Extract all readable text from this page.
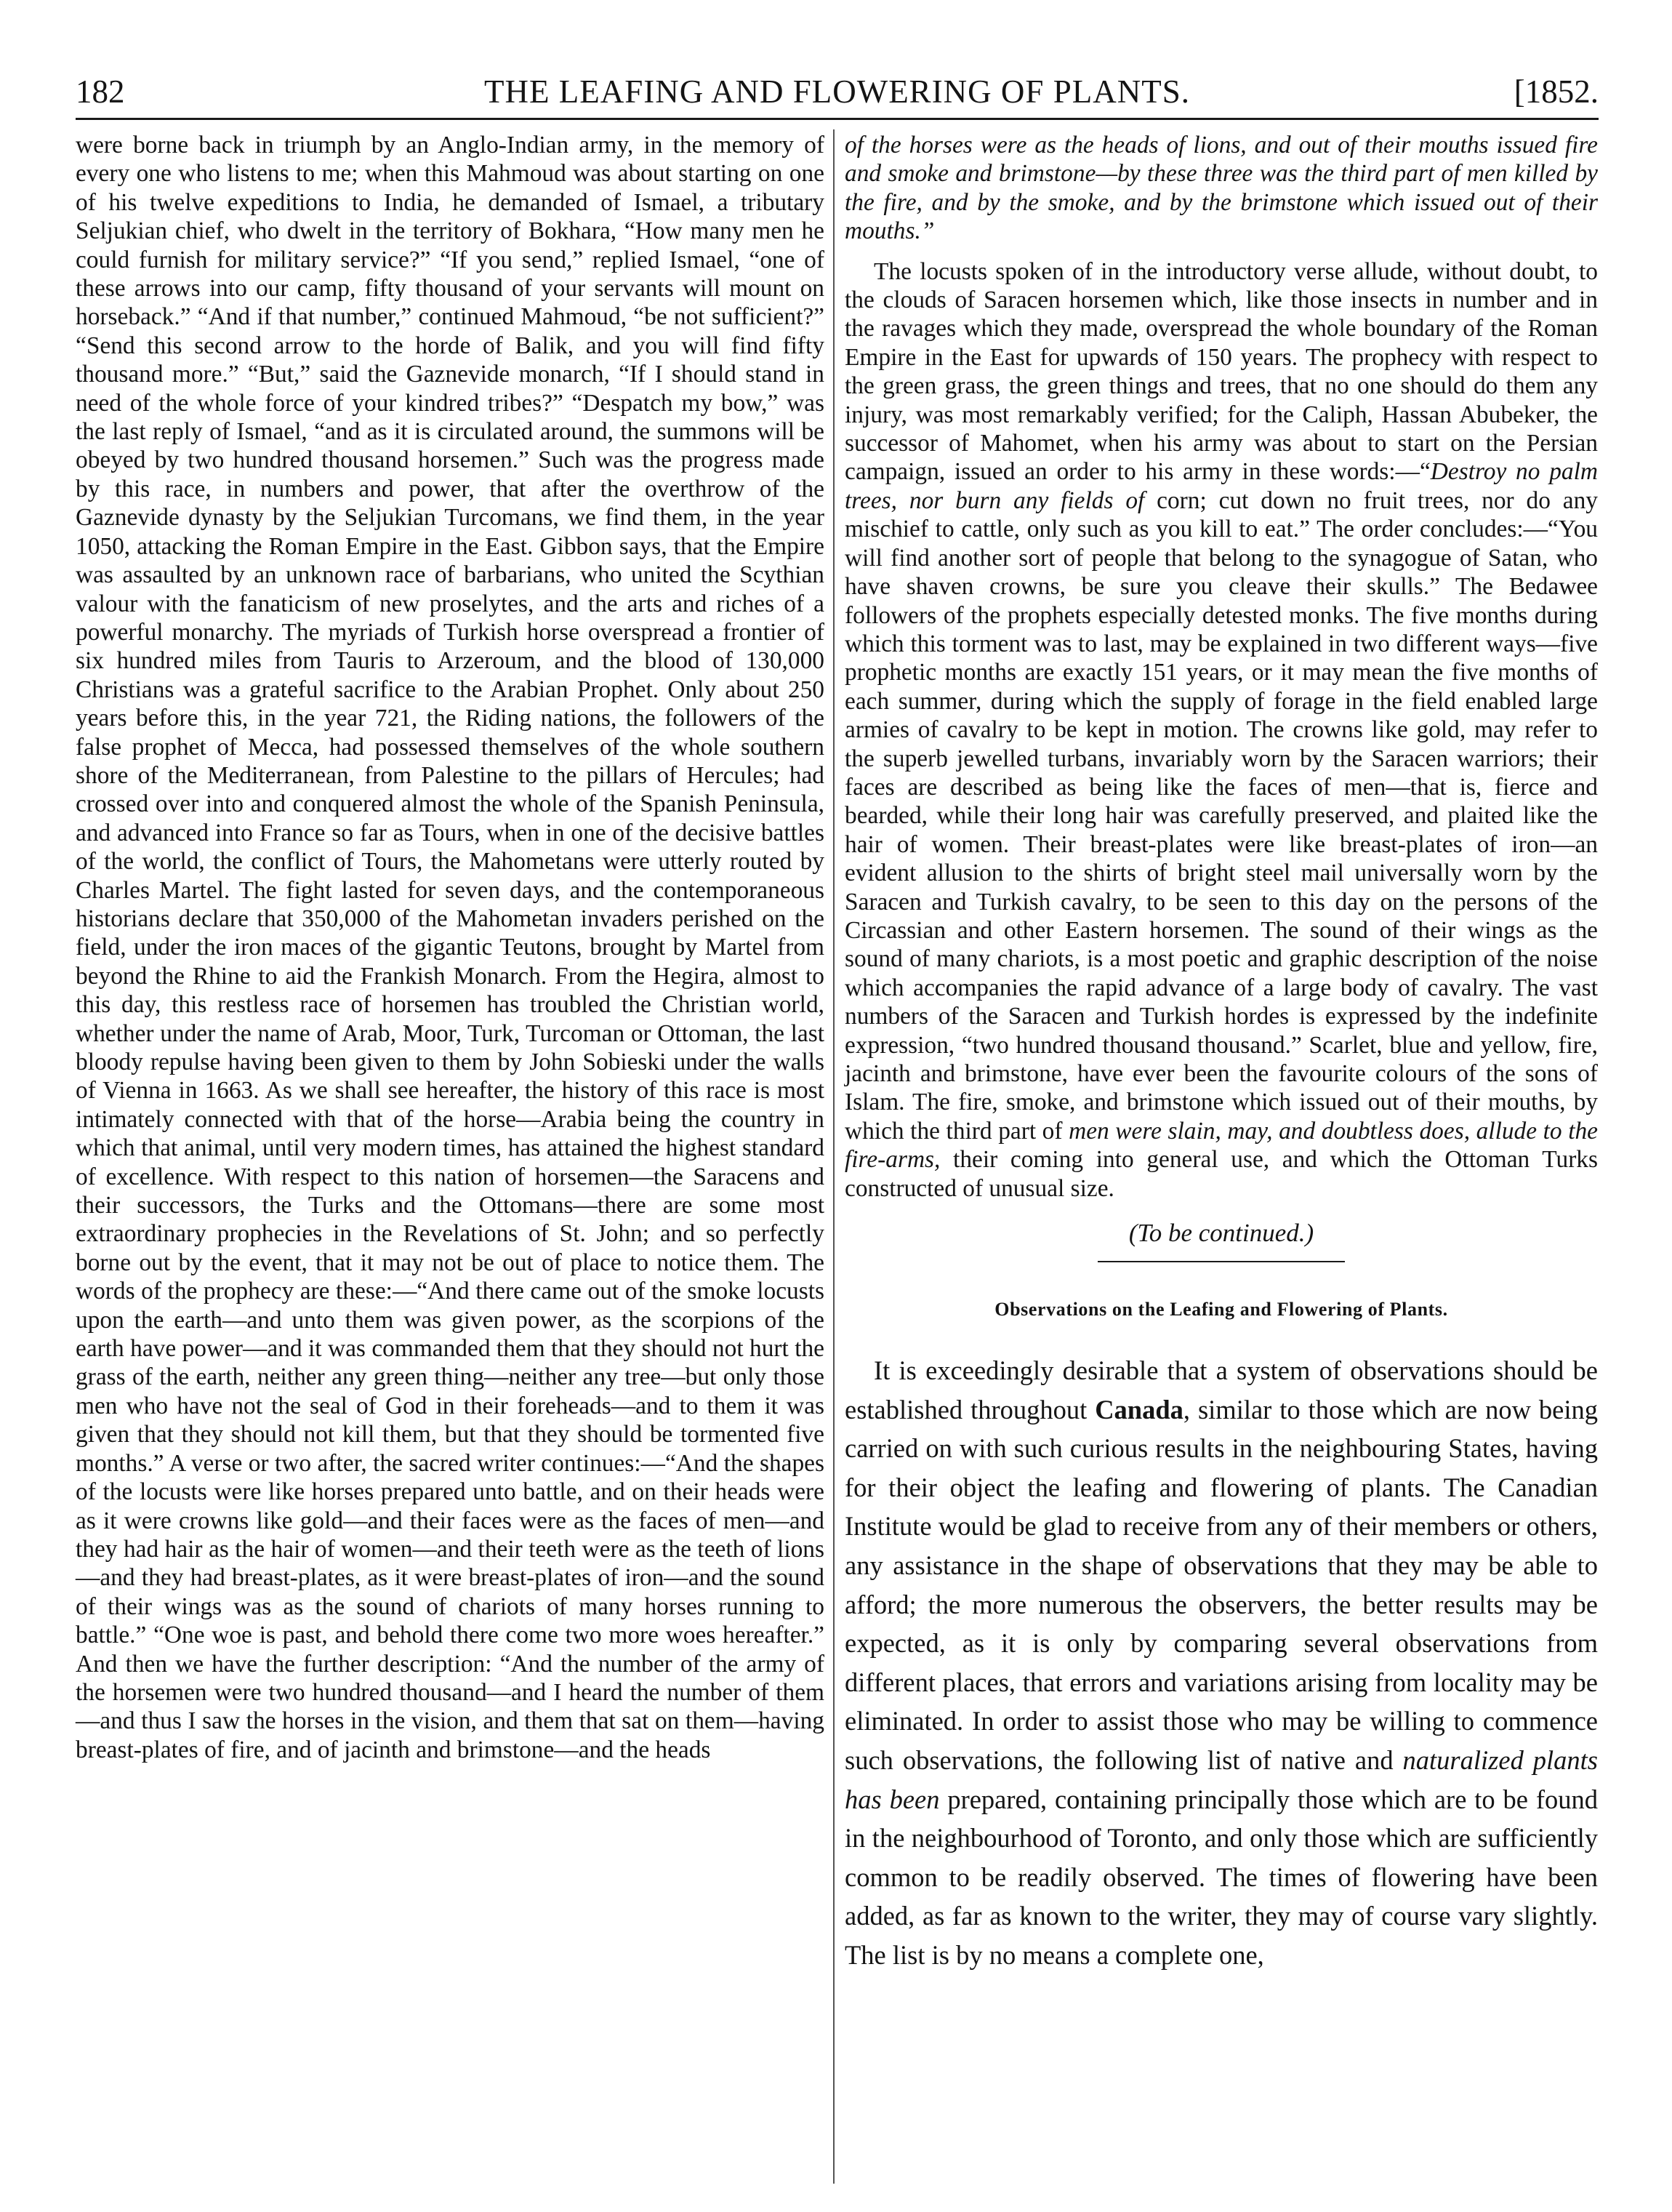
182	THE LEAFING AND FLOWERING OF PLANTS.	[1852.

were borne back in triumph by an Anglo-Indian army, in the memory of every one who listens to me; when this Mahmoud was about starting on one of his twelve expeditions to India, he demanded of Ismael, a tributary Seljukian chief, who dwelt in the territory of Bokhara, “How many men he could furnish for military service?” “If you send,” replied Ismael, “one of these arrows into our camp, fifty thousand of your servants will mount on horseback.” “And if that number,” continued Mahmoud, “be not sufficient?” “Send this second arrow to the horde of Balik, and you will find fifty thousand more.” “But,” said the Gaznevide monarch, “If I should stand in need of the whole force of your kindred tribes?” “Despatch my bow,” was the last reply of Ismael, “and as it is circulated around, the summons will be obeyed by two hundred thousand horsemen.” Such was the progress made by this race, in numbers and power, that after the overthrow of the Gaznevide dynasty by the Seljukian Turcomans, we find them, in the year 1050, attacking the Roman Empire in the East. Gibbon says, that the Empire was assaulted by an unknown race of barbarians, who united the Scythian valour with the fanaticism of new proselytes, and the arts and riches of a powerful monarchy. The myriads of Turkish horse overspread a frontier of six hundred miles from Tauris to Arzeroum, and the blood of 130,000 Christians was a grateful sacrifice to the Arabian Prophet. Only about 250 years before this, in the year 721, the Riding nations, the followers of the false prophet of Mecca, had possessed themselves of the whole southern shore of the Mediterranean, from Palestine to the pillars of Hercules; had crossed over into and conquered almost the whole of the Spanish Peninsula, and advanced into France so far as Tours, when in one of the decisive battles of the world, the conflict of Tours, the Mahometans were utterly routed by Charles Martel. The fight lasted for seven days, and the contemporaneous historians declare that 350,000 of the Mahometan invaders perished on the field, under the iron maces of the gigantic Teutons, brought by Martel from beyond the Rhine to aid the Frankish Monarch. From the Hegira, almost to this day, this restless race of horsemen has troubled the Christian world, whether under the name of Arab, Moor, Turk, Turcoman or Ottoman, the last bloody repulse having been given to them by John Sobieski under the walls of Vienna in 1663. As we shall see hereafter, the history of this race is most intimately connected with that of the horse—Arabia being the country in which that animal, until very modern times, has attained the highest standard of excellence. With respect to this nation of horsemen—the Saracens and their successors, the Turks and the Ottomans—there are some most extraordinary prophecies in the Revelations of St. John; and so perfectly borne out by the event, that it may not be out of place to notice them. The words of the prophecy are these:—“And there came out of the smoke locusts upon the earth—and unto them was given power, as the scorpions of the earth have power—and it was commanded them that they should not hurt the grass of the earth, neither any green thing—neither any tree—but only those men who have not the seal of God in their foreheads—and to them it was given that they should not kill them, but that they should be tormented five months.” A verse or two after, the sacred writer continues:—“And the shapes of the locusts were like horses prepared unto battle, and on their heads were as it were crowns like gold—and their faces were as the faces of men—and they had hair as the hair of women—and their teeth were as the teeth of lions—and they had breast-plates, as it were breast-plates of iron—and the sound of their wings was as the sound of chariots of many horses running to battle.” “One woe is past, and behold there come two more woes hereafter.” And then we have the further description: “And the number of the army of the horsemen were two hundred thousand—and I heard the number of them—and thus I saw the horses in the vision, and them that sat on them—having breast-plates of fire, and of jacinth and brimstone—and the heads

of the horses were as the heads of lions, and out of their mouths issued fire and smoke and brimstone—by these three was the third part of men killed by the fire, and by the smoke, and by the brimstone which issued out of their mouths.”

The locusts spoken of in the introductory verse allude, without doubt, to the clouds of Saracen horsemen which, like those insects in number and in the ravages which they made, overspread the whole boundary of the Roman Empire in the East for upwards of 150 years. The prophecy with respect to the green grass, the green things and trees, that no one should do them any injury, was most remarkably verified; for the Caliph, Hassan Abubeker, the successor of Mahomet, when his army was about to start on the Persian campaign, issued an order to his army in these words:—“Destroy no palm trees, nor burn any fields of corn; cut down no fruit trees, nor do any mischief to cattle, only such as you kill to eat.” The order concludes:—“You will find another sort of people that belong to the synagogue of Satan, who have shaven crowns, be sure you cleave their skulls.” The Bedawee followers of the prophets especially detested monks. The five months during which this torment was to last, may be explained in two different ways—five prophetic months are exactly 151 years, or it may mean the five months of each summer, during which the supply of forage in the field enabled large armies of cavalry to be kept in motion. The crowns like gold, may refer to the superb jewelled turbans, invariably worn by the Saracen warriors; their faces are described as being like the faces of men—that is, fierce and bearded, while their long hair was carefully preserved, and plaited like the hair of women. Their breast-plates were like breast-plates of iron—an evident allusion to the shirts of bright steel mail universally worn by the Saracen and Turkish cavalry, to be seen to this day on the persons of the Circassian and other Eastern horsemen. The sound of their wings as the sound of many chariots, is a most poetic and graphic description of the noise which accompanies the rapid advance of a large body of cavalry. The vast numbers of the Saracen and Turkish hordes is expressed by the indefinite expression, “two hundred thousand thousand.” Scarlet, blue and yellow, fire, jacinth and brimstone, have ever been the favourite colours of the sons of Islam. The fire, smoke, and brimstone which issued out of their mouths, by which the third part of men were slain, may, and doubtless does, allude to the fire-arms, their coming into general use, and which the Ottoman Turks constructed of unusual size.

(To be continued.)

Observations on the Leafing and Flowering of Plants.

It is exceedingly desirable that a system of observations should be established throughout Canada, similar to those which are now being carried on with such curious results in the neighbouring States, having for their object the leafing and flowering of plants. The Canadian Institute would be glad to receive from any of their members or others, any assistance in the shape of observations that they may be able to afford; the more numerous the observers, the better results may be expected, as it is only by comparing several observations from different places, that errors and variations arising from locality may be eliminated. In order to assist those who may be willing to commence such observations, the following list of native and naturalized plants has been prepared, containing principally those which are to be found in the neighbourhood of Toronto, and only those which are sufficiently common to be readily observed. The times of flowering have been added, as far as known to the writer, they may of course vary slightly. The list is by no means a complete one,
